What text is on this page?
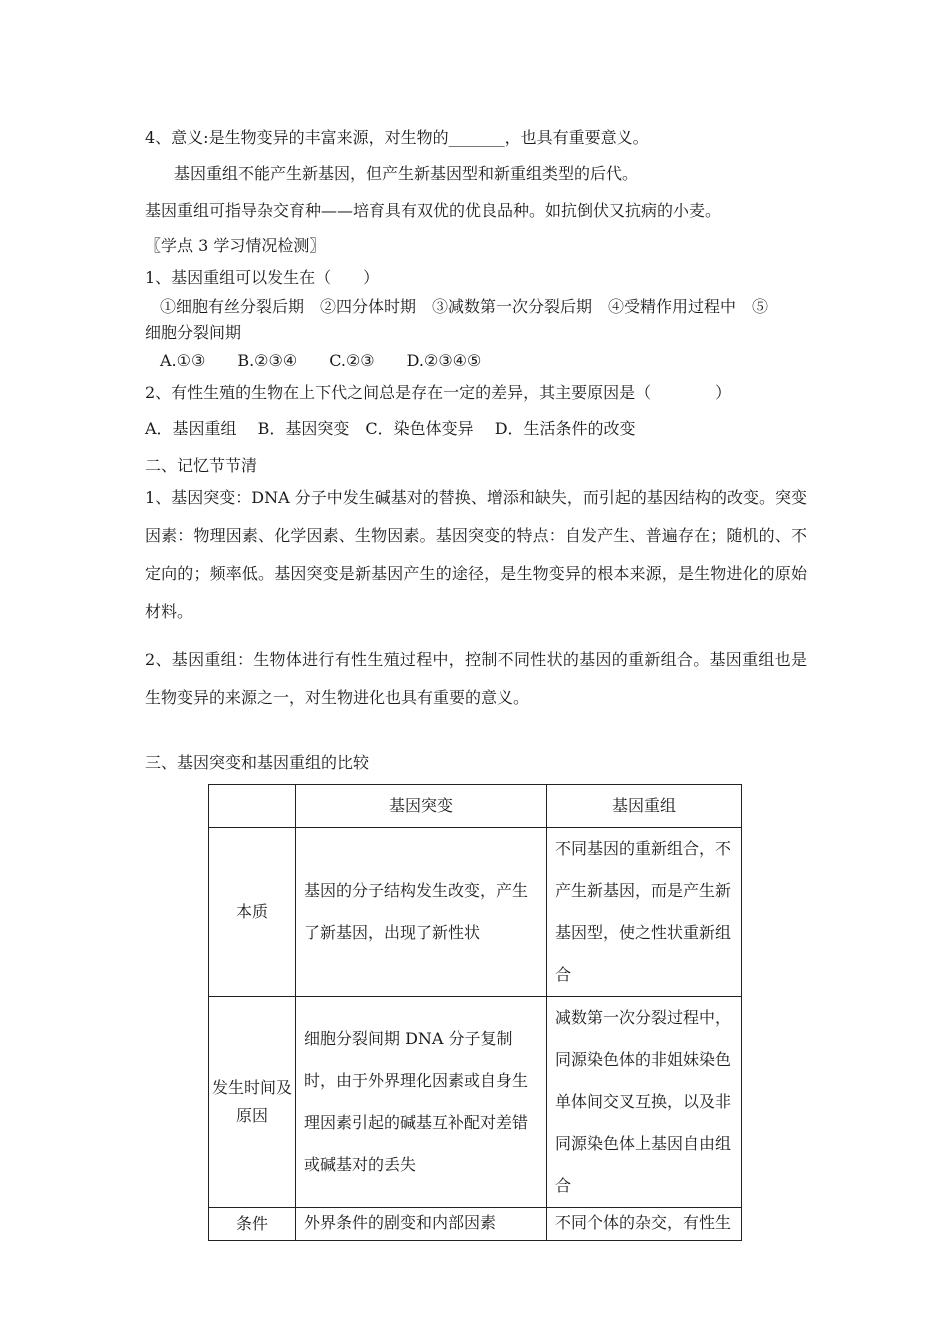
4、意义:是生物变异的丰富来源，对生物的_______，也具有重要意义。
基因重组不能产生新基因，但产生新基因型和新重组类型的后代。
基因重组可指导杂交育种——培育具有双优的优良品种。如抗倒伏又抗病的小麦。
〖学点 3 学习情况检测〗
1、基因重组可以发生在（　　）
①细胞有丝分裂后期　②四分体时期　③减数第一次分裂后期　④受精作用过程中　⑤
细胞分裂间期
A.①③　　B.②③④　　C.②③　　D.②③④⑤
2、有性生殖的生物在上下代之间总是存在一定的差异，其主要原因是（　　　　）
A．基因重组　 B．基因突变　C．染色体变异　 D．生活条件的改变
二、记忆节节清
1、基因突变：DNA 分子中发生碱基对的替换、增添和缺失，而引起的基因结构的改变。突变因素：物理因素、化学因素、生物因素。基因突变的特点：自发产生、普遍存在；随机的、不定向的；频率低。基因突变是新基因产生的途径，是生物变异的根本来源，是生物进化的原始材料。
2、基因重组：生物体进行有性生殖过程中，控制不同性状的基因的重新组合。基因重组也是生物变异的来源之一，对生物进化也具有重要的意义。
三、基因突变和基因重组的比较
	基因突变	基因重组
本质	基因的分子结构发生改变，产生了新基因，出现了新性状	不同基因的重新组合，不产生新基因，而是产生新基因型，使之性状重新组合
发生时间及原因	细胞分裂间期 DNA 分子复制时，由于外界理化因素或自身生理因素引起的碱基互补配对差错或碱基对的丢失	减数第一次分裂过程中，同源染色体的非姐妹染色单体间交叉互换，以及非同源染色体上基因自由组合
条件	外界条件的剧变和内部因素	不同个体的杂交，有性生
